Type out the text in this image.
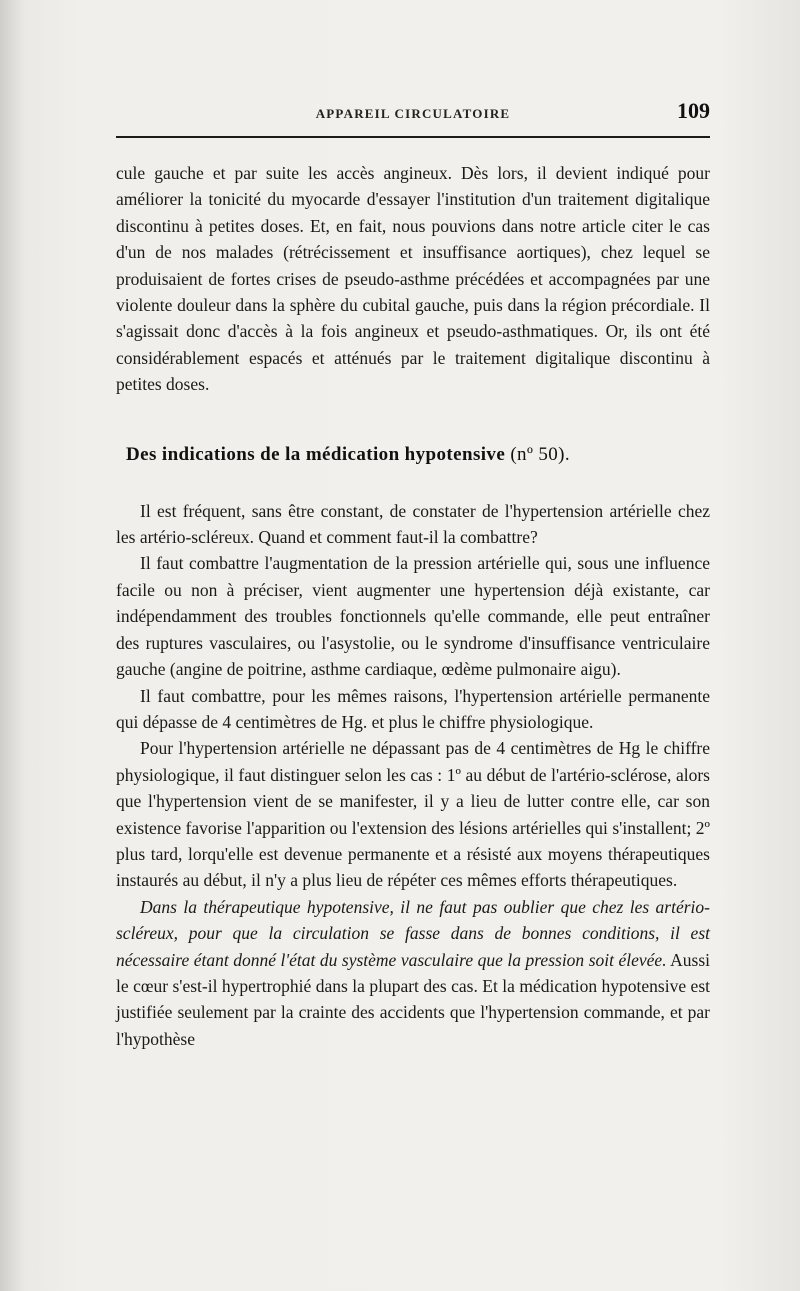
APPAREIL CIRCULATOIRE	109

cule gauche et par suite les accès angineux. Dès lors, il devient indiqué pour améliorer la tonicité du myocarde d'essayer l'institution d'un traitement digitalique discontinu à petites doses. Et, en fait, nous pouvions dans notre article citer le cas d'un de nos malades (rétrécissement et insuffisance aortiques), chez lequel se produisaient de fortes crises de pseudo-asthme précédées et accompagnées par une violente douleur dans la sphère du cubital gauche, puis dans la région précordiale. Il s'agissait donc d'accès à la fois angineux et pseudo-asthmatiques. Or, ils ont été considérablement espacés et atténués par le traitement digitalique discontinu à petites doses.

Des indications de la médication hypotensive (nº 50).

Il est fréquent, sans être constant, de constater de l'hypertension artérielle chez les artério-scléreux. Quand et comment faut-il la combattre?

Il faut combattre l'augmentation de la pression artérielle qui, sous une influence facile ou non à préciser, vient augmenter une hypertension déjà existante, car indépendamment des troubles fonctionnels qu'elle commande, elle peut entraîner des ruptures vasculaires, ou l'asystolie, ou le syndrome d'insuffisance ventriculaire gauche (angine de poitrine, asthme cardiaque, œdème pulmonaire aigu).

Il faut combattre, pour les mêmes raisons, l'hypertension artérielle permanente qui dépasse de 4 centimètres de Hg. et plus le chiffre physiologique.

Pour l'hypertension artérielle ne dépassant pas de 4 centimètres de Hg le chiffre physiologique, il faut distinguer selon les cas : 1º au début de l'artério-sclérose, alors que l'hypertension vient de se manifester, il y a lieu de lutter contre elle, car son existence favorise l'apparition ou l'extension des lésions artérielles qui s'installent; 2º plus tard, lorqu'elle est devenue permanente et a résisté aux moyens thérapeutiques instaurés au début, il n'y a plus lieu de répéter ces mêmes efforts thérapeutiques.

Dans la thérapeutique hypotensive, il ne faut pas oublier que chez les artério-scléreux, pour que la circulation se fasse dans de bonnes conditions, il est nécessaire étant donné l'état du système vasculaire que la pression soit élevée. Aussi le cœur s'est-il hypertrophié dans la plupart des cas. Et la médication hypotensive est justifiée seulement par la crainte des accidents que l'hypertension commande, et par l'hypothèse
